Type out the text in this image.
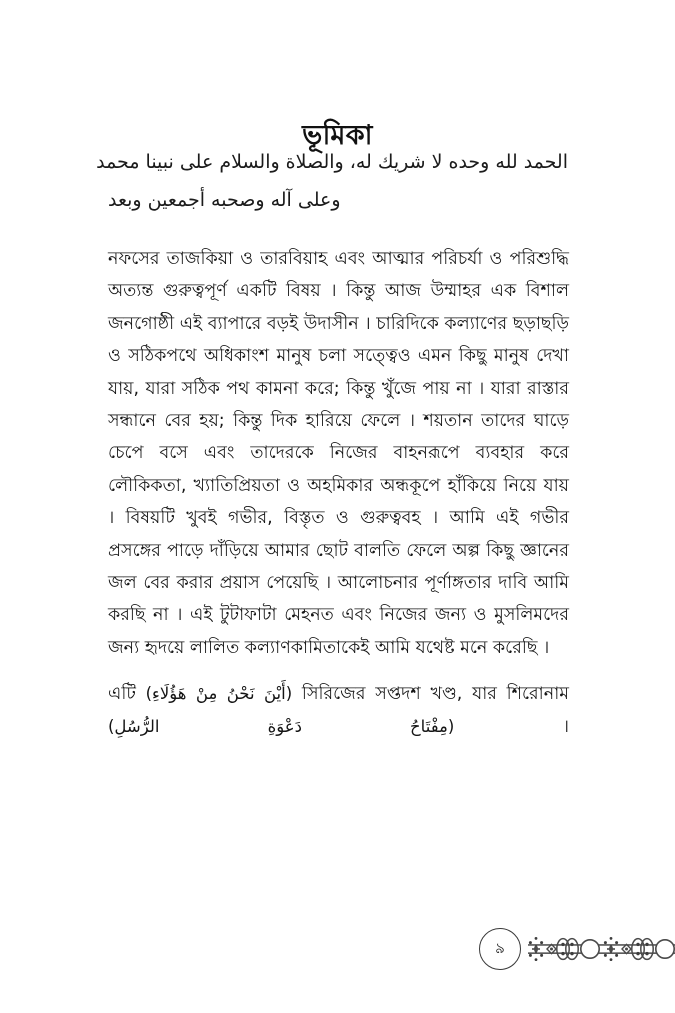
ভূমিকা
الحمد لله وحده لا شريك له، والصلاة والسلام على نبينا محمد
وعلى آله وصحبه أجمعين وبعد

নফসের তাজকিয়া ও তারবিয়াহ এবং আত্মার পরিচর্যা ও পরিশুদ্ধি অত্যন্ত গুরুত্বপূর্ণ একটি বিষয় । কিন্তু আজ উম্মাহর এক বিশাল জনগোষ্ঠী এই ব্যাপারে বড়ই উদাসীন । চারিদিকে কল্যাণের ছড়াছড়ি ও সঠিকপথে অধিকাংশ মানুষ চলা সত্ত্বেও এমন কিছু মানুষ দেখা যায়, যারা সঠিক পথ কামনা করে; কিন্তু খুঁজে পায় না । যারা রাস্তার সন্ধানে বের হয়; কিন্তু দিক হারিয়ে ফেলে । শয়তান তাদের ঘাড়ে চেপে বসে এবং তাদেরকে নিজের বাহনরূপে ব্যবহার করে লৌকিকতা, খ্যাতিপ্রিয়তা ও অহমিকার অন্ধকূপে হাঁকিয়ে নিয়ে যায় । বিষয়টি খুবই গভীর, বিস্তৃত ও গুরুত্ববহ । আমি এই গভীর প্রসঙ্গের পাড়ে দাঁড়িয়ে আমার ছোট বালতি ফেলে অল্প কিছু জ্ঞানের জল বের করার প্রয়াস পেয়েছি । আলোচনার পূর্ণাঙ্গতার দাবি আমি করছি না । এই টুটাফাটা মেহনত এবং নিজের জন্য ও মুসলিমদের জন্য হৃদয়ে লালিত কল্যাণকামিতাকেই আমি যথেষ্ট মনে করেছি ।

এটি (أَيْنَ نَحْنُ مِنْ هَؤُلَاءِ) সিরিজের সপ্তদশ খণ্ড, যার শিরোনাম (مِفْتَاحُ دَعْوَةِ الرُّسُلِ) ।

৯
